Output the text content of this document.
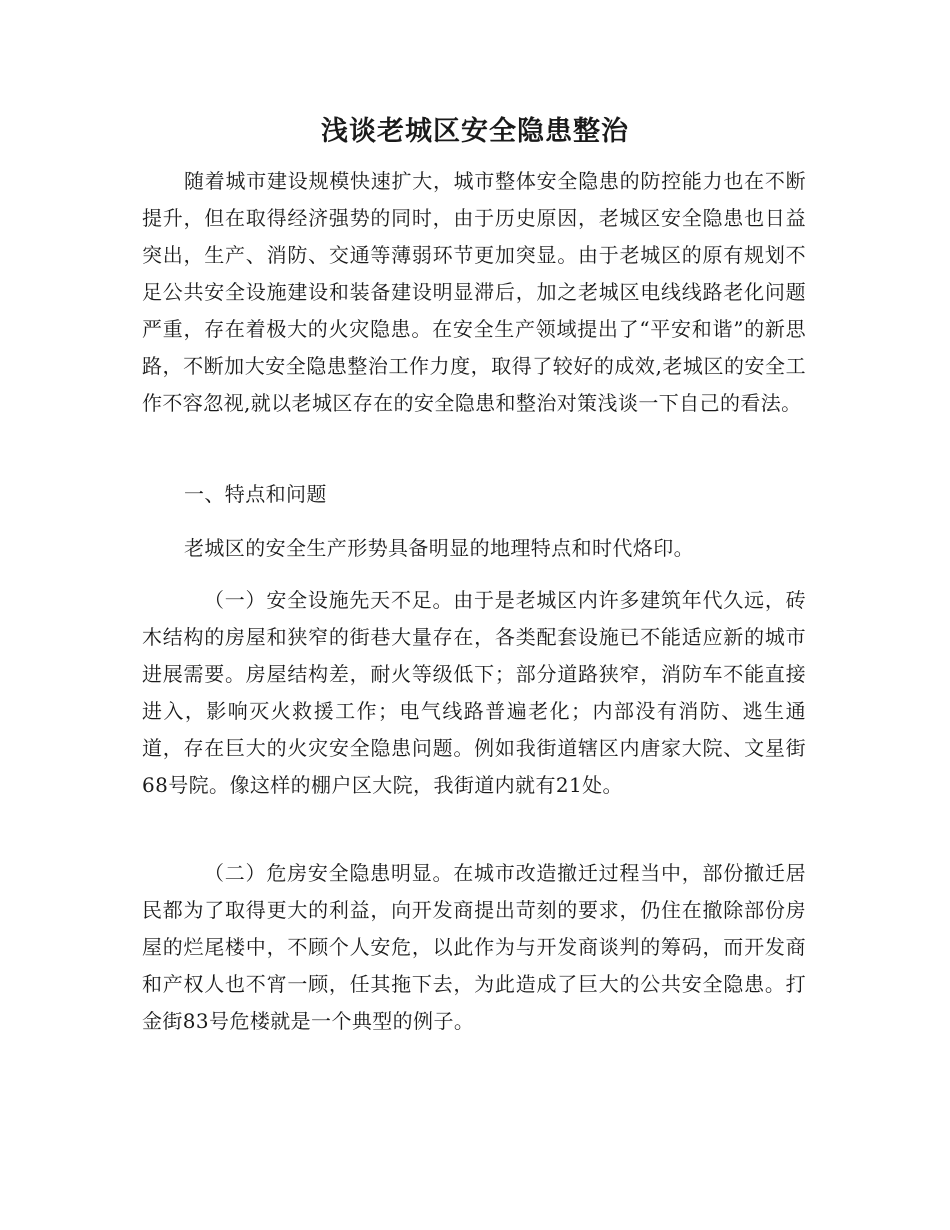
浅谈老城区安全隐患整治

随着城市建设规模快速扩大，城市整体安全隐患的防控能力也在不断提升，但在取得经济强势的同时，由于历史原因，老城区安全隐患也日益突出，生产、消防、交通等薄弱环节更加突显。由于老城区的原有规划不足公共安全设施建设和装备建设明显滞后，加之老城区电线线路老化问题严重，存在着极大的火灾隐患。在安全生产领域提出了“平安和谐”的新思路，不断加大安全隐患整治工作力度，取得了较好的成效,老城区的安全工作不容忽视,就以老城区存在的安全隐患和整治对策浅谈一下自己的看法。

一、特点和问题

老城区的安全生产形势具备明显的地理特点和时代烙印。

（一）安全设施先天不足。由于是老城区内许多建筑年代久远，砖木结构的房屋和狭窄的街巷大量存在，各类配套设施已不能适应新的城市进展需要。房屋结构差，耐火等级低下；部分道路狭窄，消防车不能直接进入，影响灭火救援工作；电气线路普遍老化；内部没有消防、逃生通道，存在巨大的火灾安全隐患问题。例如我街道辖区内唐家大院、文星街68号院。像这样的棚户区大院，我街道内就有21处。

（二）危房安全隐患明显。在城市改造撤迁过程当中，部份撤迁居民都为了取得更大的利益，向开发商提出苛刻的要求，仍住在撤除部份房屋的烂尾楼中，不顾个人安危，以此作为与开发商谈判的筹码，而开发商和产权人也不宵一顾，任其拖下去，为此造成了巨大的公共安全隐患。打金街83号危楼就是一个典型的例子。
